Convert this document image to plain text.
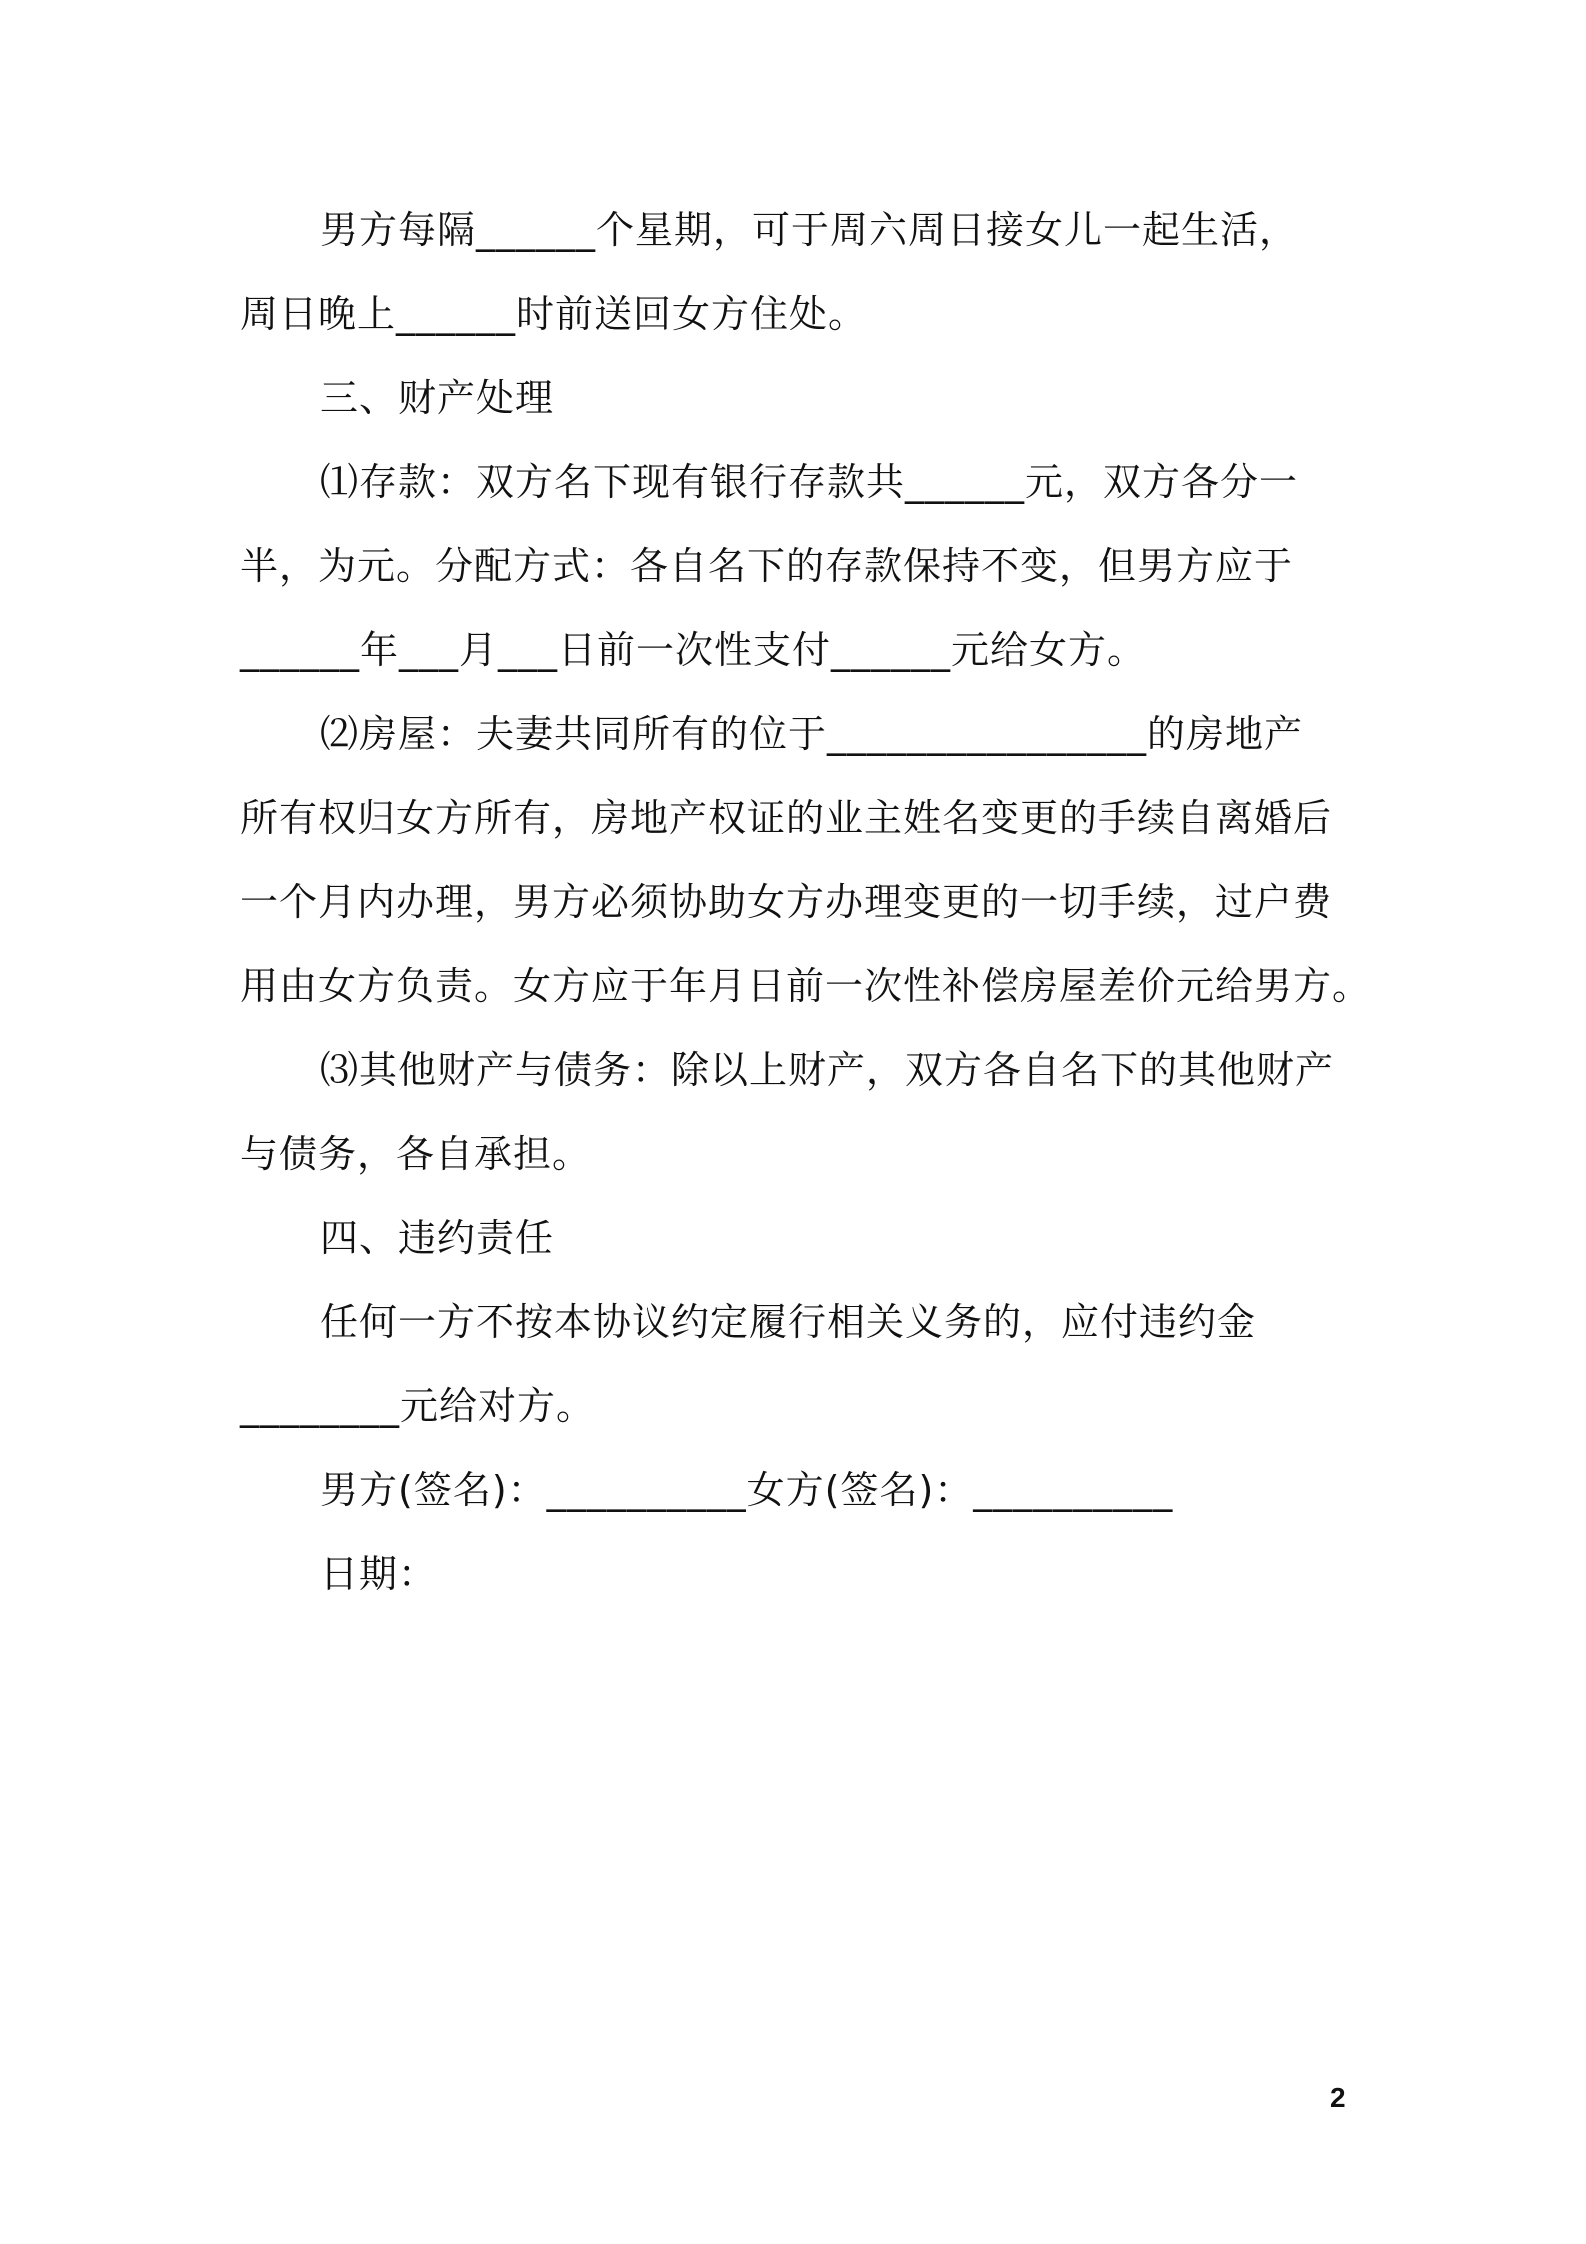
男方每隔______个星期，可于周六周日接女儿一起生活，
周日晚上______时前送回女方住处。
三、财产处理
⑴存款：双方名下现有银行存款共______元，双方各分一
半，为元。分配方式：各自名下的存款保持不变，但男方应于
______年___月___日前一次性支付______元给女方。
⑵房屋：夫妻共同所有的位于________________的房地产
所有权归女方所有，房地产权证的业主姓名变更的手续自离婚后
一个月内办理，男方必须协助女方办理变更的一切手续，过户费
用由女方负责。女方应于年月日前一次性补偿房屋差价元给男方。
⑶其他财产与债务：除以上财产，双方各自名下的其他财产
与债务，各自承担。
四、违约责任
任何一方不按本协议约定履行相关义务的，应付违约金
________元给对方。
男方(签名)：__________女方(签名)：__________
日期：
2
